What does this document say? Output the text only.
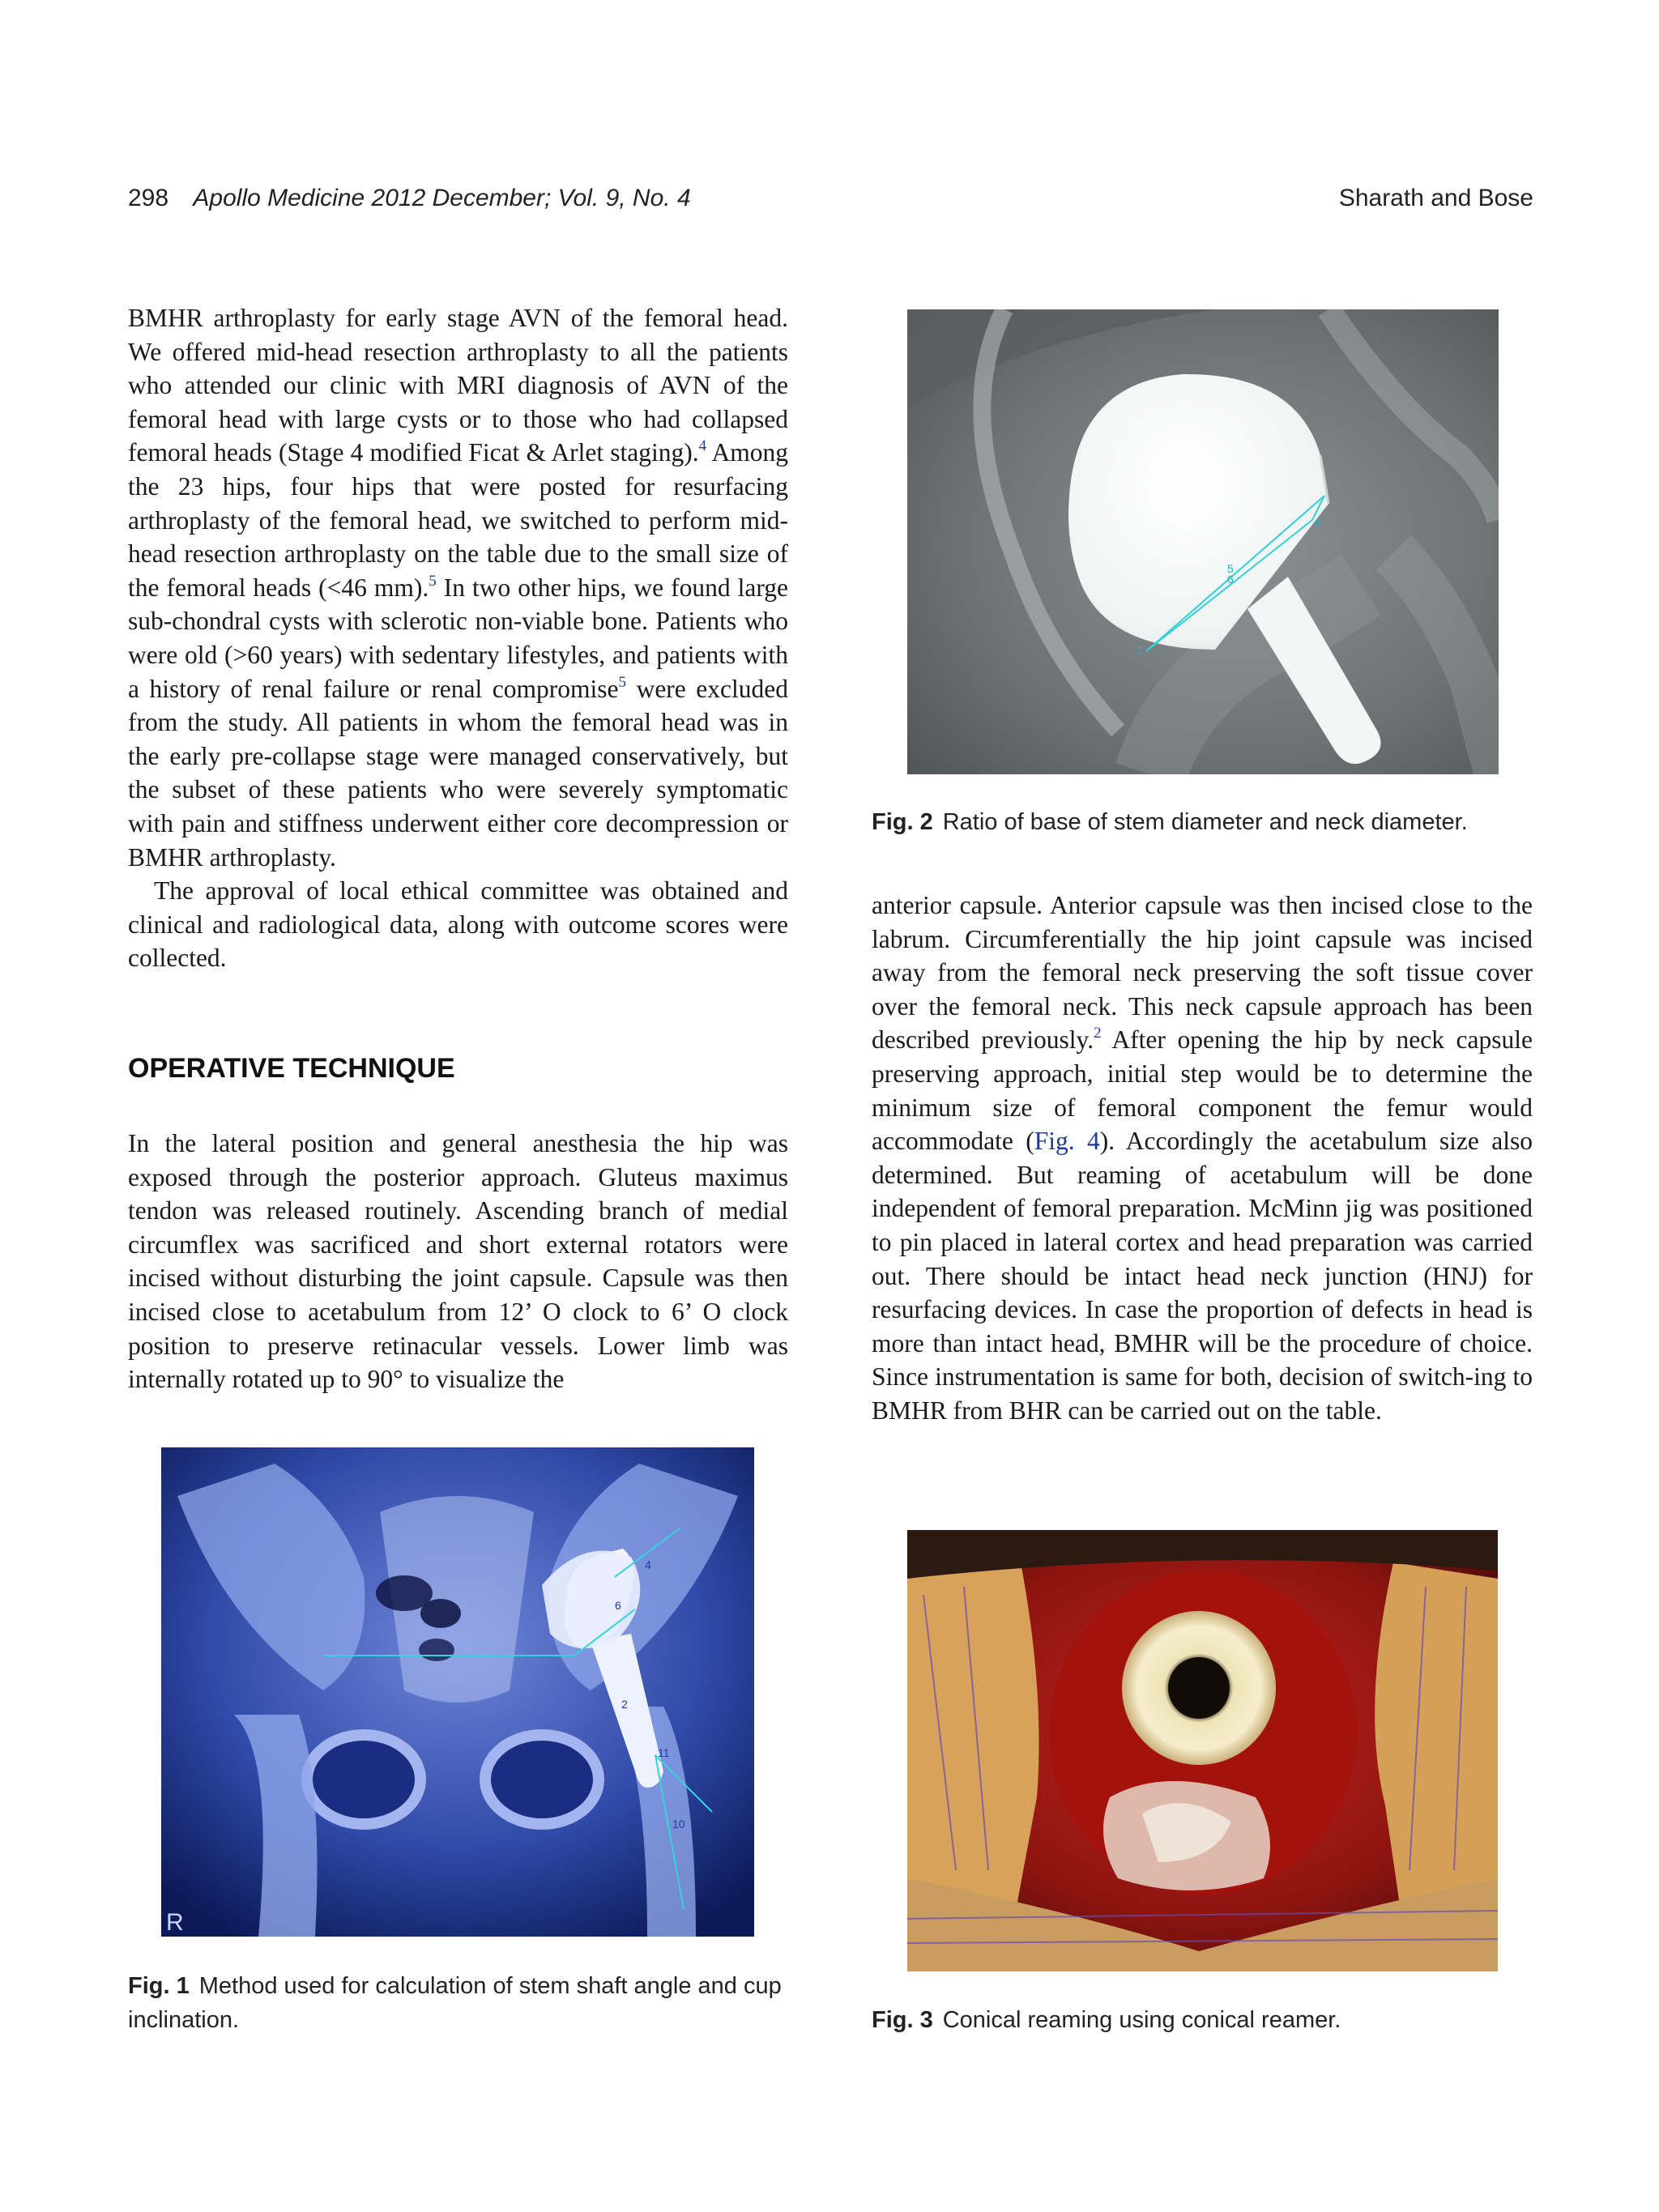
298 Apollo Medicine 2012 December; Vol. 9, No. 4	Sharath and Bose

BMHR arthroplasty for early stage AVN of the femoral head. We offered mid-head resection arthroplasty to all the patients who attended our clinic with MRI diagnosis of AVN of the femoral head with large cysts or to those who had collapsed femoral heads (Stage 4 modified Ficat & Arlet staging).$^4$ Among the 23 hips, four hips that were posted for resurfacing arthroplasty of the femoral head, we switched to perform mid-head resection arthroplasty on the table due to the small size of the femoral heads (<46 mm).$^5$ In two other hips, we found large sub-chondral cysts with sclerotic non-viable bone. Patients who were old (>60 years) with sedentary lifestyles, and patients with a history of renal failure or renal compromise$^5$ were excluded from the study. All patients in whom the femoral head was in the early pre-collapse stage were managed conservatively, but the subset of these patients who were severely symptomatic with pain and stiffness underwent either core decompression or BMHR arthroplasty.

The approval of local ethical committee was obtained and clinical and radiological data, along with outcome scores were collected.

OPERATIVE TECHNIQUE

In the lateral position and general anesthesia the hip was exposed through the posterior approach. Gluteus maximus tendon was released routinely. Ascending branch of medial circumflex was sacrificed and short external rotators were incised without disturbing the joint capsule. Capsule was then incised close to acetabulum from 12’ O clock to 6’ O clock position to preserve retinacular vessels. Lower limb was internally rotated up to 90° to visualize the

anterior capsule. Anterior capsule was then incised close to the labrum. Circumferentially the hip joint capsule was incised away from the femoral neck preserving the soft tissue cover over the femoral neck. This neck capsule approach has been described previously.$^2$ After opening the hip by neck capsule preserving approach, initial step would be to determine the minimum size of femoral component the femur would accommodate (Fig. 4). Accordingly the acetabulum size also determined. But reaming of acetabulum will be done independent of femoral preparation. McMinn jig was positioned to pin placed in lateral cortex and head preparation was carried out. There should be intact head neck junction (HNJ) for resurfacing devices. In case the proportion of defects in head is more than intact head, BMHR will be the procedure of choice. Since instrumentation is same for both, decision of switch-ing to BMHR from BHR can be carried out on the table.

5
6
1
4
Fig. 2 Ratio of base of stem diameter and neck diameter.
4
6
2
11
10
R
Fig. 1 Method used for calculation of stem shaft angle and cup inclination.	Fig. 3 Conical reaming using conical reamer.
